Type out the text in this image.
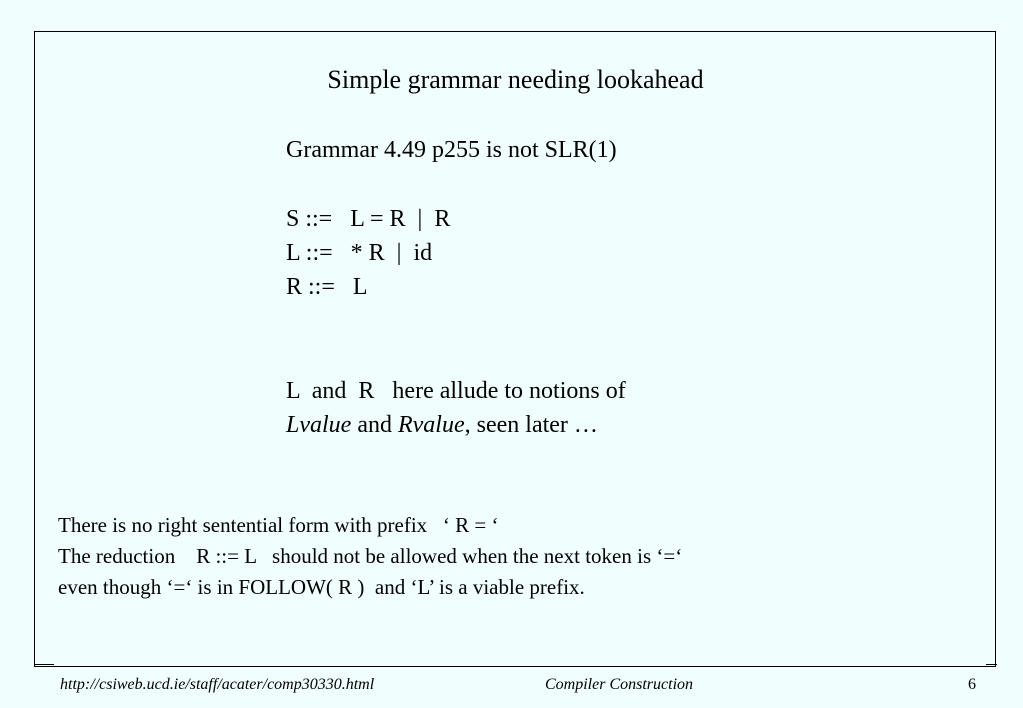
Simple grammar needing lookahead
Grammar 4.49 p255 is not SLR(1)
S ::=   L = R  |  R
L ::=   * R  |  id
R ::=   L
L  and  R   here allude to notions of
Lvalue and Rvalue, seen later …
There is no right sentential form with prefix   ‘ R = ‘
The reduction    R ::= L   should not be allowed when the next token is ‘=‘
even though ‘=‘ is in FOLLOW( R )  and ‘L’ is a viable prefix.
http://csiweb.ucd.ie/staff/acater/comp30330.html	Compiler Construction	6
